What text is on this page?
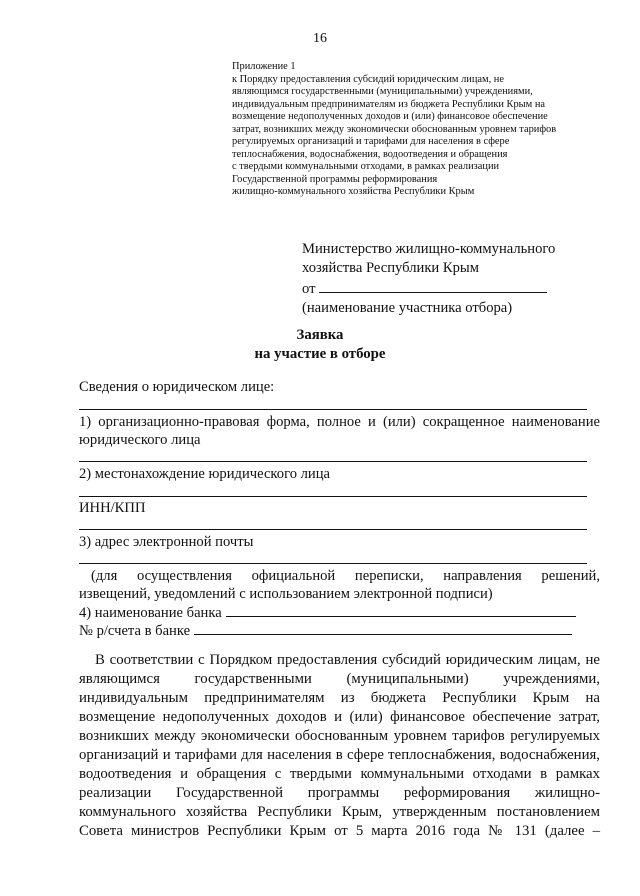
16
Приложение 1
к Порядку предоставления субсидий юридическим лицам, не
являющимся государственными (муниципальными) учреждениями,
индивидуальным предпринимателям из бюджета Республики Крым на
возмещение недополученных доходов и (или) финансовое обеспечение
затрат, возникших между экономически обоснованным уровнем тарифов
регулируемых организаций и тарифами для населения в сфере
теплоснабжения, водоснабжения, водоотведения и обращения
с твердыми коммунальными отходами, в рамках реализации
Государственной программы реформирования
жилищно-коммунального хозяйства Республики Крым
Министерство жилищно-коммунального
хозяйства Республики Крым
от
(наименование участника отбора)
Заявка
на участие в отборе
Сведения о юридическом лице:
1) организационно-правовая форма, полное и (или) сокращенное наименование
юридического лица
2) местонахождение юридического лица
ИНН/КПП
3) адрес электронной почты
(для осуществления официальной переписки, направления решений,
извещений, уведомлений с использованием электронной подписи)
4) наименование банка
№ р/счета в банке
В соответствии с Порядком предоставления субсидий юридическим лицам, не
являющимся государственными (муниципальными) учреждениями,
индивидуальным предпринимателям из бюджета Республики Крым на
возмещение недополученных доходов и (или) финансовое обеспечение затрат,
возникших между экономически обоснованным уровнем тарифов регулируемых
организаций и тарифами для населения в сфере теплоснабжения, водоснабжения,
водоотведения и обращения с твердыми коммунальными отходами в рамках
реализации Государственной программы реформирования жилищно-
коммунального хозяйства Республики Крым, утвержденным постановлением
Совета министров Республики Крым от 5 марта 2016 года № 131 (далее –
